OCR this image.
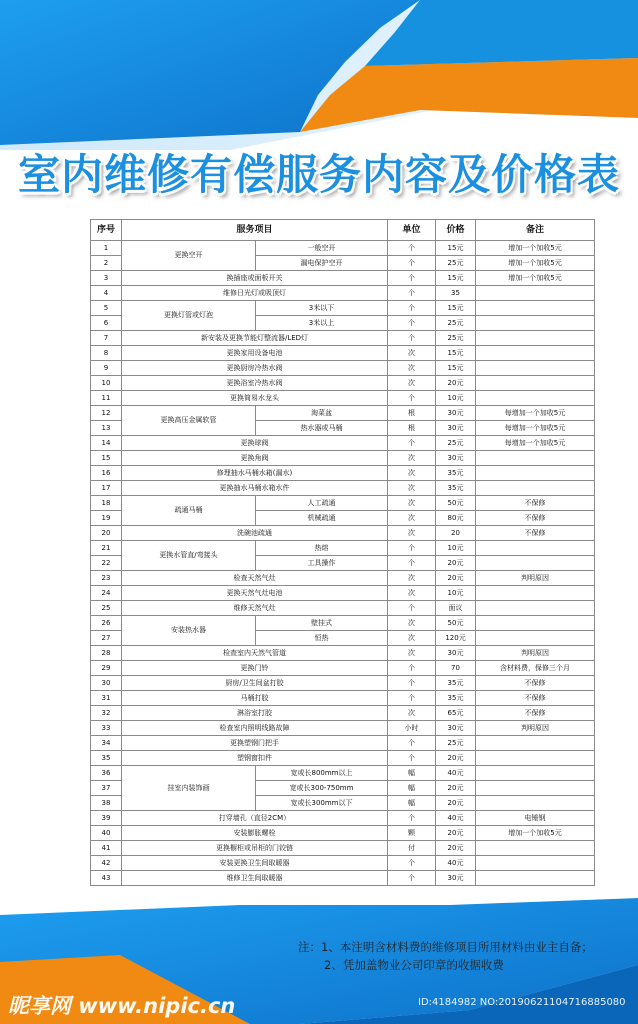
室内维修有偿服务内容及价格表
序号	服务项目		单位	价格	备注
1	更换空开	一般空开	个	15元	增加一个加收5元
2		漏电保护空开	个	25元	增加一个加收5元
3	换插座或面板开关		个	15元	增加一个加收5元
4	维修日光灯或吸顶灯		个	35	
5	更换灯管或灯泡	3米以下	个	15元	
6		3米以上	个	25元	
7	新安装及更换节能灯整流器/LED灯		个	25元	
8	更换家用设备电池		次	15元	
9	更换厨房冷热水阀		次	15元	
10	更换浴室冷热水阀		次	20元	
11	更换简易水龙头		个	10元	
12	更换高压金属软管	淘菜盆	根	30元	每增加一个加收5元
13		热水器或马桶	根	30元	每增加一个加收5元
14	更换球阀		个	25元	每增加一个加收5元
15	更换角阀		次	30元	
16	修理抽水马桶水箱(漏水)		次	35元	
17	更换抽水马桶水箱水件		次	35元	
18	疏通马桶	人工疏通	次	50元	不保修
19		机械疏通	次	80元	不保修
20	洗碗池疏通		次	20	不保修
21	更换水管直/弯接头	热熔	个	10元	
22		工具操作	个	20元	
23	检查天然气灶		次	20元	判明原因
24	更换天然气灶电池		次	10元	
25	维修天然气灶		个	面议	
26	安装热水器	壁挂式	次	50元	
27		恒热	次	120元	
28	检查室内天然气管道		次	30元	判明原因
29	更换门铃		个	70	含材料费，保修三个月
30	厨房/卫生间盆打胶		个	35元	不保修
31	马桶打胶		个	35元	不保修
32	淋浴室打胶		次	65元	不保修
33	检查室内照明线路故障		小时	30元	判明原因
34	更换塑钢门把手		个	25元	
35	塑钢窗扣件		个	20元	
36	挂室内装饰画	宽或长800mm以上	幅	40元	
37		宽或长300-750mm	幅	20元	
38		宽或长300mm以下	幅	20元	
39	打穿墙孔（直径2CM）		个	40元	电锤钢
40	安装膨胀螺栓		颗	20元	增加一个加收5元
41	更换橱柜或吊柜的门铰链		付	20元	
42	安装更换卫生间取暖器		个	40元	
43	维修卫生间取暖器		个	30元	
注：1、本注明含材料费的维修项目所用材料由业主自备；
2、凭加盖物业公司印章的收据收费
昵享网 www.nipic.cn	ID:4184982 NO:20190621104716885080
